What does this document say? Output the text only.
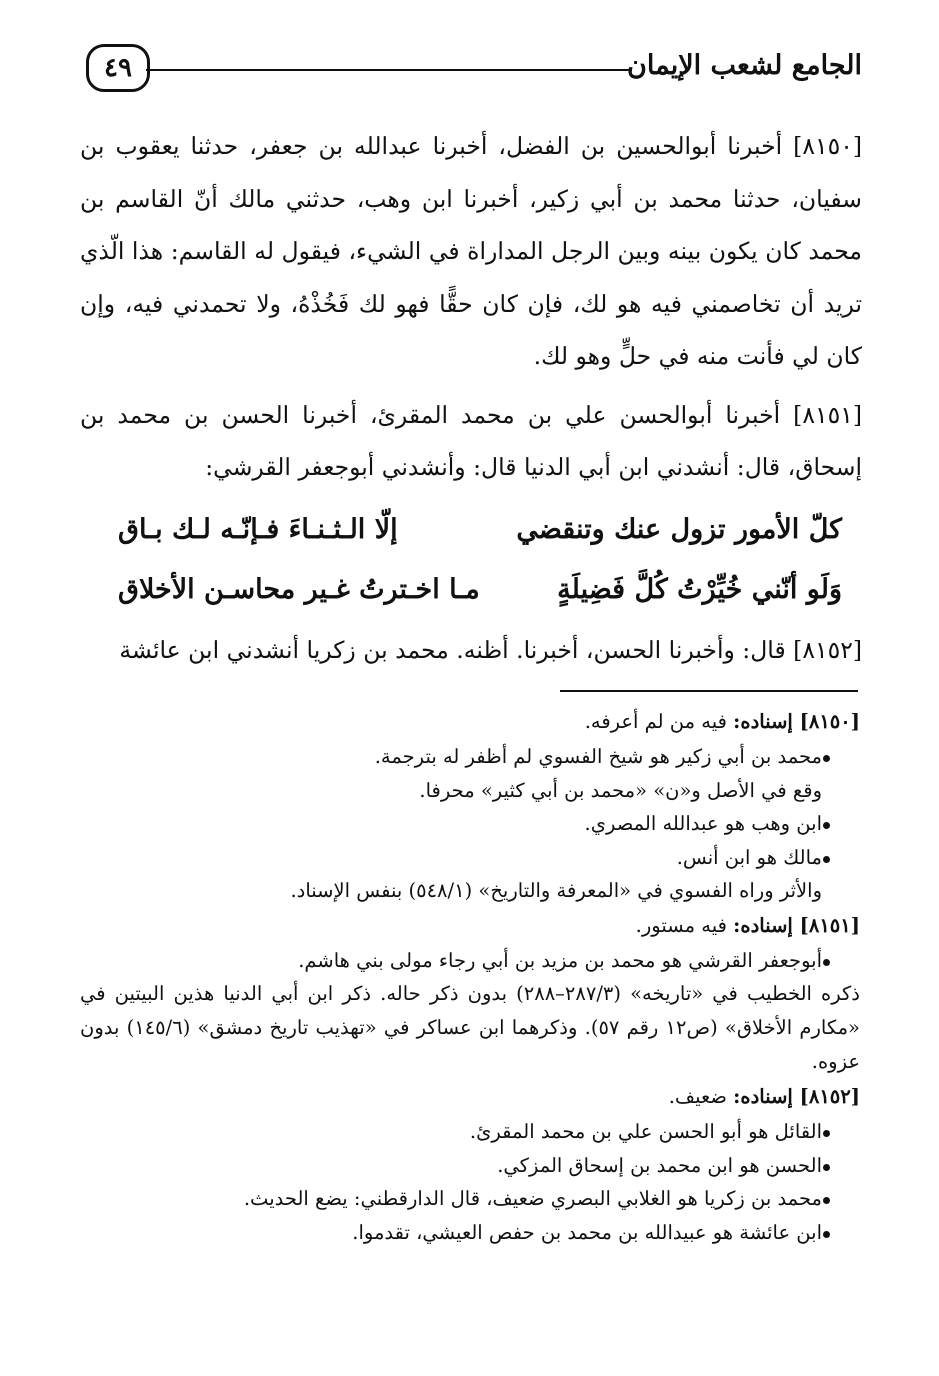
الجامع لشعب الإيمان
٤٩

[٨١٥٠] أخبرنا أبوالحسين بن الفضل، أخبرنا عبدالله بن جعفر، حدثنا يعقوب بن سفيان، حدثنا محمد بن أبي زكير، أخبرنا ابن وهب، حدثني مالك أنّ القاسم بن محمد كان يكون بينه وبين الرجل المداراة في الشيء، فيقول له القاسم: هذا الّذي تريد أن تخاصمني فيه هو لك، فإن كان حقًّا فهو لك فَخُذْهُ، ولا تحمدني فيه، وإن كان لي فأنت منه في حلٍّ وهو لك.

[٨١٥١] أخبرنا أبوالحسن علي بن محمد المقرئ، أخبرنا الحسن بن محمد بن إسحاق، قال: أنشدني ابن أبي الدنيا قال: وأنشدني أبوجعفر القرشي:

كلّ الأمور تزول عنك وتنقضي
إلّا الـثـنـاءَ فـإنّـه لـك بـاق
وَلَو أنّني خُيِّرْتُ كُلَّ فَضِيلَةٍ
مـا اخـترتُ غـير محاسـن الأخلاق

[٨١٥٢] قال: وأخبرنا الحسن، أخبرنا. أظنه. محمد بن زكريا أنشدني ابن عائشة

[٨١٥٠] إسناده: فيه من لم أعرفه.
محمد بن أبي زكير هو شيخ الفسوي لم أظفر له بترجمة.
وقع في الأصل و«ن» «محمد بن أبي كثير» محرفا.
ابن وهب هو عبدالله المصري.
مالك هو ابن أنس.
والأثر وراه الفسوي في «المعرفة والتاريخ» (٥٤٨/١) بنفس الإسناد.
[٨١٥١] إسناده: فيه مستور.
أبوجعفر القرشي هو محمد بن مزيد بن أبي رجاء مولى بني هاشم.
ذكره الخطيب في «تاريخه» (٢٨٧/٣–٢٨٨) بدون ذكر حاله. ذكر ابن أبي الدنيا هذين البيتين في «مكارم الأخلاق» (ص١٢ رقم ٥٧). وذكرهما ابن عساكر في «تهذيب تاريخ دمشق» (١٤٥/٦) بدون عزوه.
[٨١٥٢] إسناده: ضعيف.
القائل هو أبو الحسن علي بن محمد المقرئ.
الحسن هو ابن محمد بن إسحاق المزكي.
محمد بن زكريا هو الغلابي البصري ضعيف، قال الدارقطني: يضع الحديث.
ابن عائشة هو عبيدالله بن محمد بن حفص العيشي، تقدموا.
